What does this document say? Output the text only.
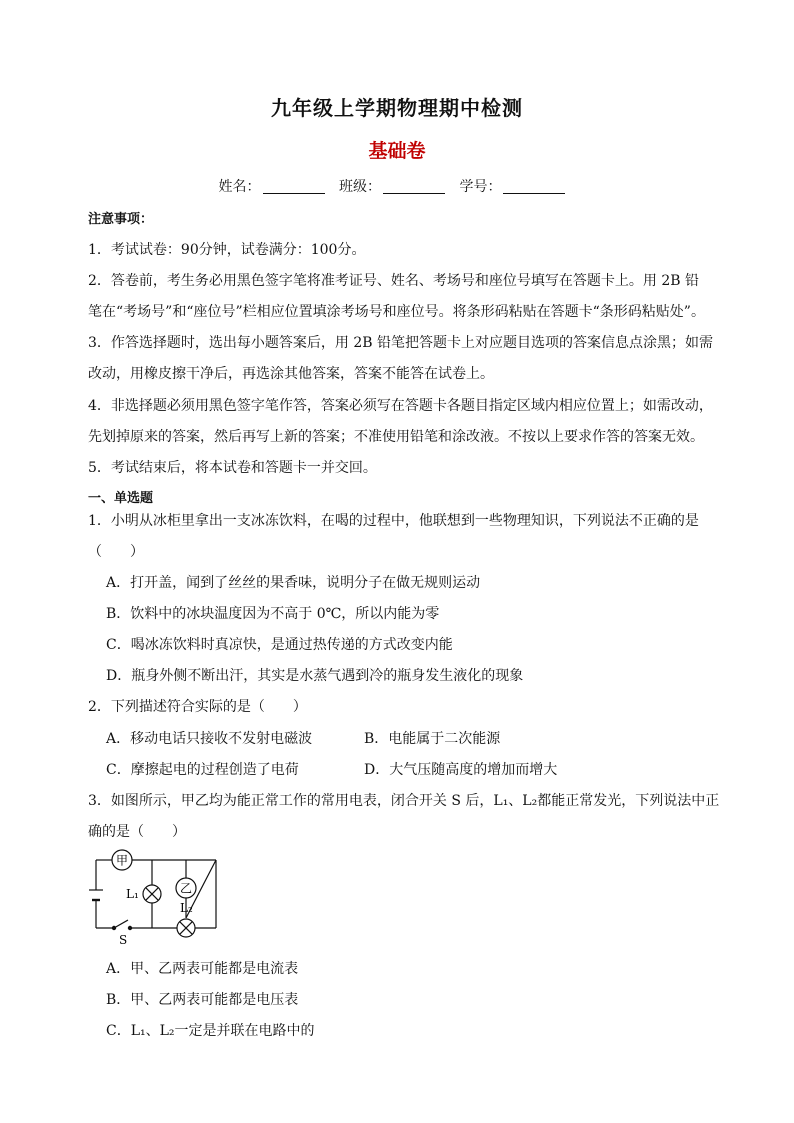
九年级上学期物理期中检测
基础卷
姓名：	班级：	学号：
注意事项：
1．考试试卷：90分钟，试卷满分：100分。
2．答卷前，考生务必用黑色签字笔将准考证号、姓名、考场号和座位号填写在答题卡上。用 2B 铅
笔在“考场号”和“座位号”栏相应位置填涂考场号和座位号。将条形码粘贴在答题卡“条形码粘贴处”。
3．作答选择题时，选出每小题答案后，用 2B 铅笔把答题卡上对应题目选项的答案信息点涂黑；如需
改动，用橡皮擦干净后，再选涂其他答案，答案不能答在试卷上。
4．非选择题必须用黑色签字笔作答，答案必须写在答题卡各题目指定区域内相应位置上；如需改动，
先划掉原来的答案，然后再写上新的答案；不准使用铅笔和涂改液。不按以上要求作答的答案无效。
5．考试结束后，将本试卷和答题卡一并交回。
一、单选题
1．小明从冰柜里拿出一支冰冻饮料，在喝的过程中，他联想到一些物理知识，下列说法不正确的是
（　　）
A．打开盖，闻到了丝丝的果香味，说明分子在做无规则运动
B．饮料中的冰块温度因为不高于 0℃，所以内能为零
C．喝冰冻饮料时真凉快，是通过热传递的方式改变内能
D．瓶身外侧不断出汗，其实是水蒸气遇到冷的瓶身发生液化的现象
2．下列描述符合实际的是（　　）
A．移动电话只接收不发射电磁波	B．电能属于二次能源
C．摩擦起电的过程创造了电荷	D．大气压随高度的增加而增大
3．如图所示，甲乙均为能正常工作的常用电表，闭合开关 S 后，L₁、L₂都能正常发光，下列说法中正
确的是（　　）
甲
L₁	乙
L₂
S
A．甲、乙两表可能都是电流表
B．甲、乙两表可能都是电压表
C．L₁、L₂一定是并联在电路中的
